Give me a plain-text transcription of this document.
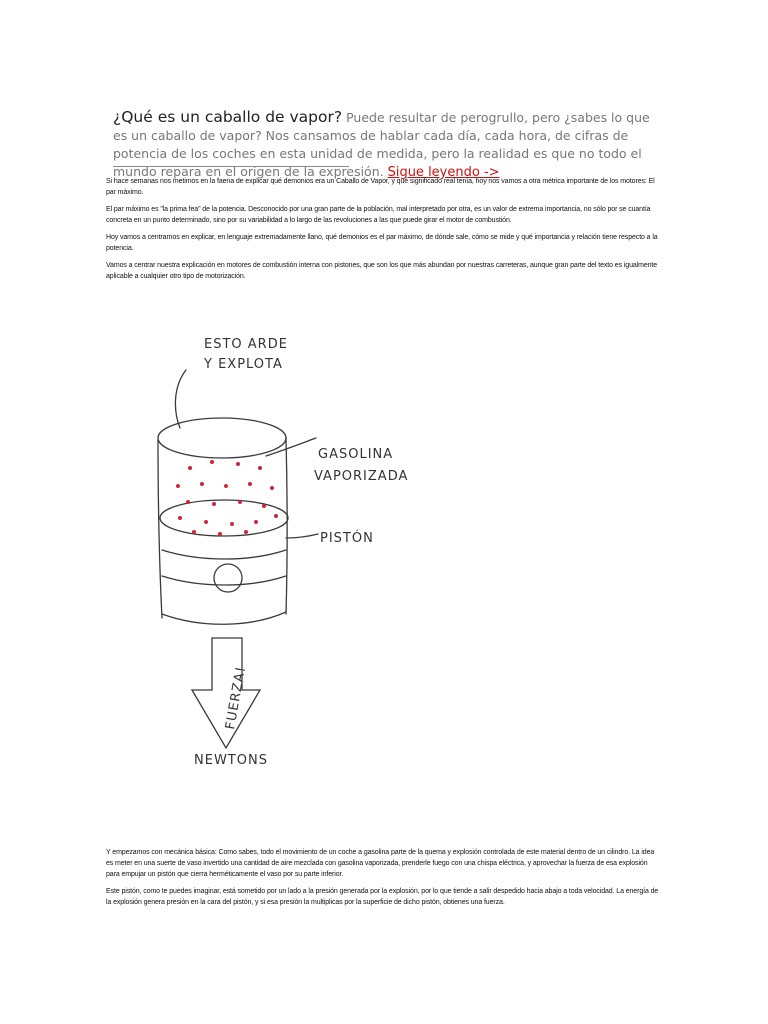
¿Qué es un caballo de vapor? Puede resultar de perogrullo, pero ¿sabes lo que es un caballo de vapor? Nos cansamos de hablar cada día, cada hora, de cifras de potencia de los coches en esta unidad de medida, pero la realidad es que no todo el mundo repara en el origen de la expresión. Sigue leyendo ->

Si hace semanas nos metimos en la faena de explicar qué demonios era un Caballo de Vapor, y qué significado real tenía, hoy nos vamos a otra métrica importante de los motores: El par máximo.

El par máximo es "la prima fea" de la potencia. Desconocido por una gran parte de la población, mal interpretado por otra, es un valor de extrema importancia, no sólo por se cuantía concreta en un punto determinado, sino por su variabilidad a lo largo de las revoluciones a las que puede girar el motor de combustión.

Hoy vamos a centrarnos en explicar, en lenguaje extremadamente llano, qué demonios es el par máximo, de dónde sale, cómo se mide y qué importancia y relación tiene respecto a la potencia.

Vamos a centrar nuestra explicación en motores de combustión interna con pistones, que son los que más abundan por nuestras carreteras, aunque gran parte del texto es igualmente aplicable a cualquier otro tipo de motorización.

ESTO ARDE
Y EXPLOTA
GASOLINA
VAPORIZADA
PISTÓN
FUERZA!
NEWTONS

Y empezamos con mecánica básica: Como sabes, todo el movimiento de un coche a gasolina parte de la quema y explosión controlada de este material dentro de un cilindro. La idea es meter en una suerte de vaso invertido una cantidad de aire mezclada con gasolina vaporizada, prenderle fuego con una chispa eléctrica, y aprovechar la fuerza de esa explosión para empujar un pistón que cierra herméticamente el vaso por su parte inferior.

Este pistón, como te puedes imaginar, está sometido por un lado a la presión generada por la explosión, por lo que tiende a salir despedido hacia abajo a toda velocidad. La energía de la explosión genera presión en la cara del pistón, y si esa presión la multiplicas por la superficie de dicho pistón, obtienes una fuerza.
